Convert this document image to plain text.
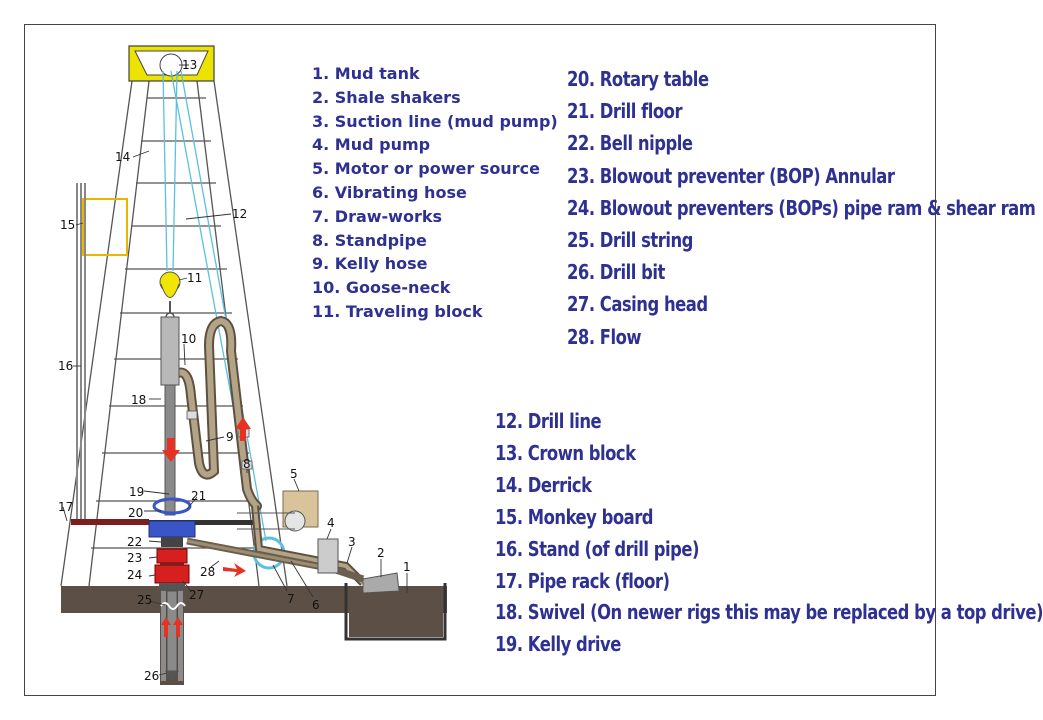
1
2
3
4
5
6
7
8
9
10
11
12
13
14
15
16
17
18
19
20
21
22
23
24
25
26
27
28
1. Mud tank
2. Shale shakers
3. Suction line (mud pump)
4. Mud pump
5. Motor or power source
6. Vibrating hose
7. Draw-works
8. Standpipe
9. Kelly hose
10. Goose-neck
11. Traveling block
20. Rotary table
21. Drill floor
22. Bell nipple
23. Blowout preventer (BOP) Annular
24. Blowout preventers (BOPs) pipe ram & shear ram
25. Drill string
26. Drill bit
27. Casing head
28. Flow
12. Drill line
13. Crown block
14. Derrick
15. Monkey board
16. Stand (of drill pipe)
17. Pipe rack (floor)
18. Swivel (On newer rigs this may be replaced by a top drive)
19. Kelly drive
